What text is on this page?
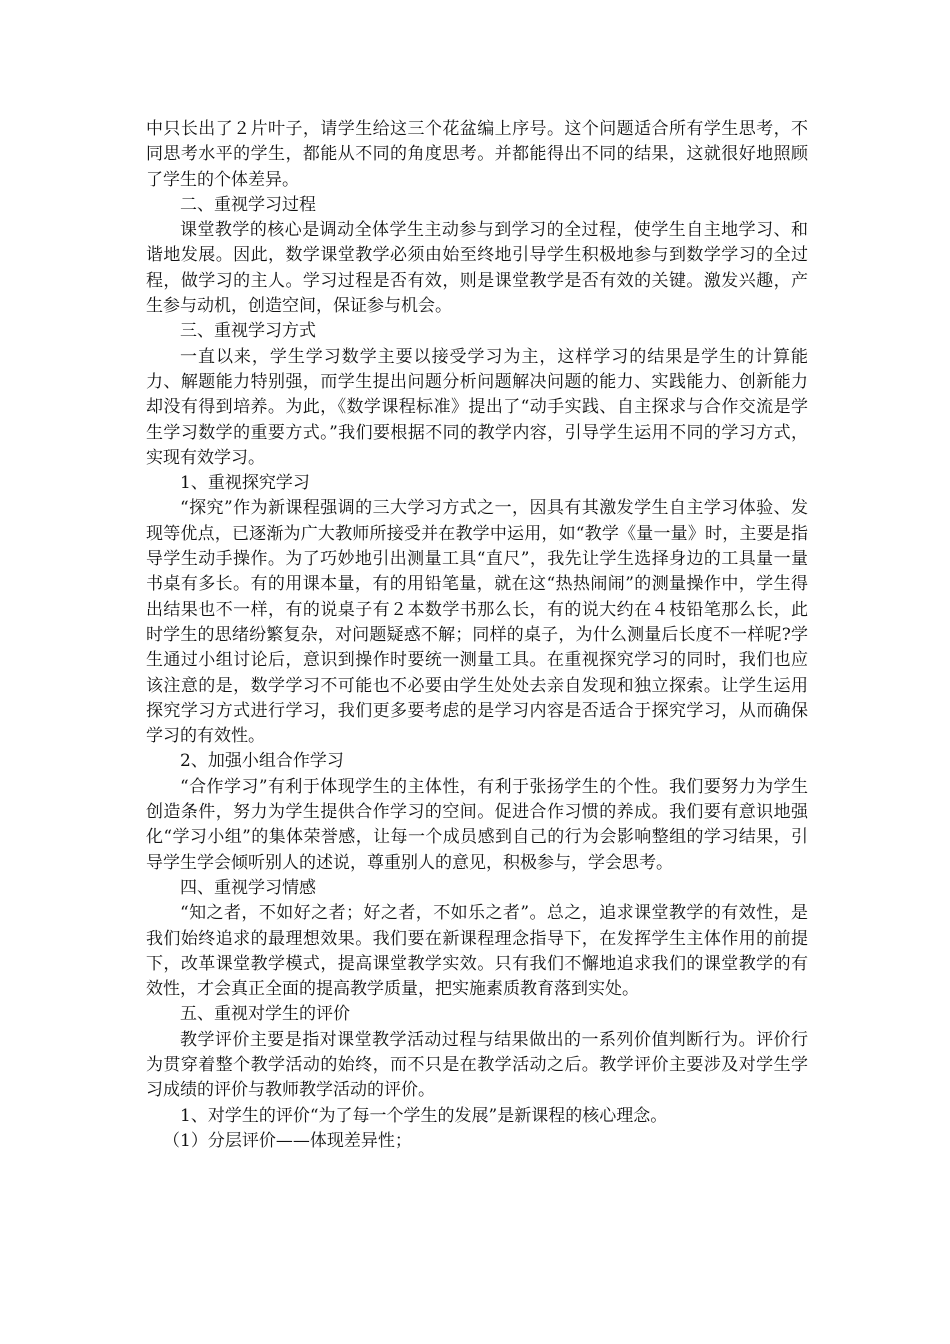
中只长出了２片叶子，请学生给这三个花盆编上序号。这个问题适合所有学生思考，不同思考水平的学生，都能从不同的角度思考。并都能得出不同的结果，这就很好地照顾了学生的个体差异。

二、重视学习过程

课堂教学的核心是调动全体学生主动参与到学习的全过程，使学生自主地学习、和谐地发展。因此，数学课堂教学必须由始至终地引导学生积极地参与到数学学习的全过程，做学习的主人。学习过程是否有效，则是课堂教学是否有效的关键。激发兴趣，产生参与动机，创造空间，保证参与机会。

三、重视学习方式

一直以来，学生学习数学主要以接受学习为主，这样学习的结果是学生的计算能力、解题能力特别强，而学生提出问题分析问题解决问题的能力、实践能力、创新能力却没有得到培养。为此，《数学课程标准》提出了“动手实践、自主探求与合作交流是学生学习数学的重要方式。”我们要根据不同的教学内容，引导学生运用不同的学习方式，实现有效学习。

1、重视探究学习

“探究”作为新课程强调的三大学习方式之一，因具有其激发学生自主学习体验、发现等优点，已逐渐为广大教师所接受并在教学中运用，如“教学《量一量》时，主要是指导学生动手操作。为了巧妙地引出测量工具“直尺”，我先让学生选择身边的工具量一量书桌有多长。有的用课本量，有的用铅笔量，就在这“热热闹闹”的测量操作中，学生得出结果也不一样，有的说桌子有２本数学书那么长，有的说大约在４枝铅笔那么长，此时学生的思绪纷繁复杂，对问题疑惑不解；同样的桌子，为什么测量后长度不一样呢?学生通过小组讨论后，意识到操作时要统一测量工具。在重视探究学习的同时，我们也应该注意的是，数学学习不可能也不必要由学生处处去亲自发现和独立探索。让学生运用探究学习方式进行学习，我们更多要考虑的是学习内容是否适合于探究学习，从而确保学习的有效性。

2、加强小组合作学习

“合作学习”有利于体现学生的主体性，有利于张扬学生的个性。我们要努力为学生创造条件，努力为学生提供合作学习的空间。促进合作习惯的养成。我们要有意识地强化“学习小组”的集体荣誉感，让每一个成员感到自己的行为会影响整组的学习结果，引导学生学会倾听别人的述说，尊重别人的意见，积极参与，学会思考。

四、重视学习情感

“知之者，不如好之者；好之者，不如乐之者”。总之，追求课堂教学的有效性，是我们始终追求的最理想效果。我们要在新课程理念指导下，在发挥学生主体作用的前提下，改革课堂教学模式，提高课堂教学实效。只有我们不懈地追求我们的课堂教学的有效性，才会真正全面的提高教学质量，把实施素质教育落到实处。

五、重视对学生的评价

教学评价主要是指对课堂教学活动过程与结果做出的一系列价值判断行为。评价行为贯穿着整个教学活动的始终，而不只是在教学活动之后。教学评价主要涉及对学生学习成绩的评价与教师教学活动的评价。

1、对学生的评价“为了每一个学生的发展”是新课程的核心理念。

（1）分层评价——体现差异性；
